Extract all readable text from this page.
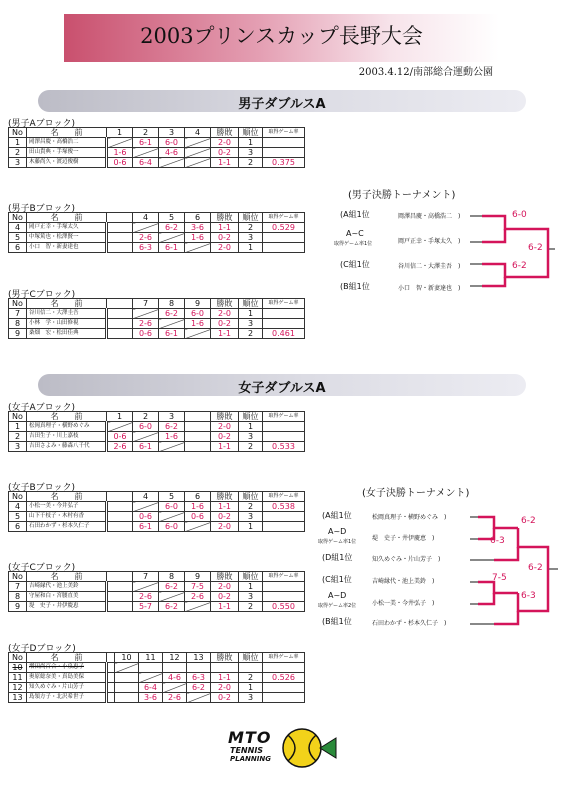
2003プリンスカップ長野大会
2003.4.12/南部総合運動公園
男子ダブルスA
(男子Aブロック)
No	名　　前	1	2	3	4	勝敗	順位	取得ゲーム率
1	岡澤昌慶・高橋浩二		6-1	6-0		2-0	1	
2	田山貴典・手塚俊一	1-6		4-6		0-2	3	
3	木藤尚久・渡辺俊樹	0-6	6-4			1-1	2	0.375
(男子Bブロック)
No	名　　前		4	5	6	勝敗	順位	取得ゲーム率
4	岡戸正幸・手塚太久			6-2	3-6	1-1	2	0.529
5	中塚篤也・松澤賢一		2-6		1-6	0-2	3	
6	小口　智・新妻達也		6-3	6-1		2-0	1	
(男子Cブロック)
No	名　　前		7	8	9	勝敗	順位	取得ゲーム率
7	谷川信二・大澤圭吾			6-2	6-0	2-0	1	
8	小林　学・山田修視		2-6		1-6	0-2	3	
9	桑畑　宏・松田佳典		0-6	6-1		1-1	2	0.461
(男子決勝トーナメント)
(A組1位	岡澤昌慶・高橋浩二　)
A~C
取得ゲーム率1位	岡戸正幸・手塚太久　)
(C組1位	谷川信二・大澤圭吾　)
(B組1位	小口　智・新妻達也　)
6-0
6-2
6-2
女子ダブルスA
(女子Aブロック)
No	名　　前	1	2	3		勝敗	順位	取得ゲーム率
1	松岡真理子・横野めぐみ		6-0	6-2		2-0	1	
2	吉田生子・川上嘉枝	0-6		1-6		0-2	3	
3	吉田さよみ・藤森八千代	2-6	6-1			1-1	2	0.533
(女子Bブロック)
No	名　　前		4	5	6	勝敗	順位	取得ゲーム率
4	小松一美・今井弘子			6-0	1-6	1-1	2	0.538
5	山下千枝子・木村有香		0-6		0-6	0-2	3	
6	石田わかず・杉本久仁子		6-1	6-0		2-0	1	
(女子Cブロック)
No	名　　前		7	8	9	勝敗	順位	取得ゲーム率
7	吉崎縁代・池上美鈴			6-2	7-5	2-0	1	
8	守屋和白・宮腰直美		2-6		2-6	0-2	3	
9	堤　史子・井伊慶恵		5-7	6-2		1-1	2	0.550
(女子Dブロック)
No	名　　前		10	11	12	13	勝敗	順位	取得ゲーム率
10	増田尚百合・小泉恵子								
11	奥原総奈美・真島美保				4-6	6-3	1-1	2	0.526
12	知久めぐみ・片山芳子			6-4		6-2	2-0	1	
13	島領方子・北沢希世子			3-6	2-6		0-2	3	
(女子決勝トーナメント)
(A組1位	松岡真理子・横野めぐみ　)
A~D
取得ゲーム率1位	堤　史子・井伊慶恵　)
(D組1位	知久めぐみ・片山芳子　)
(C組1位	吉崎縁代・池上美鈴　)
A~D
取得ゲーム率2位	小松一美・今井弘子　)
(B組1位	石田わかず・杉本久仁子　)
6-2
6-3
6-2
7-5
6-3
MTO
TENNIS
PLANNING
